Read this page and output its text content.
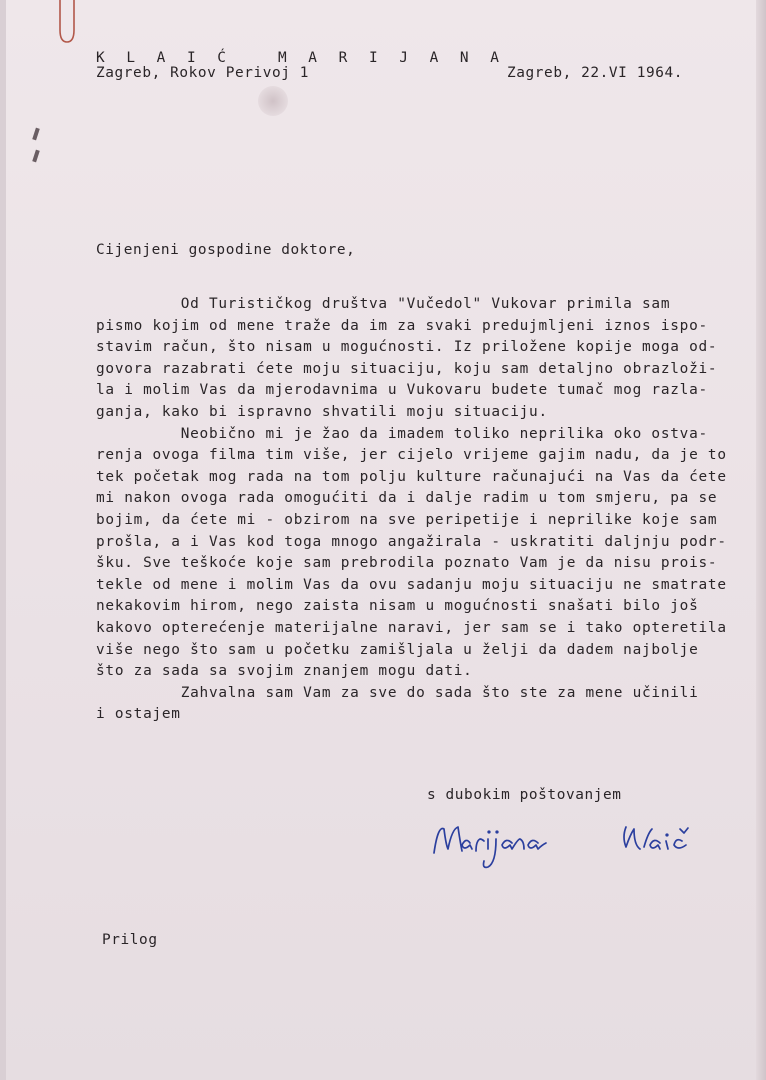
K L A I Ć   M A R I J A N A
Zagreb, Rokov Perivoj 1	Zagreb, 22.VI 1964.
Cijenjeni gospodine doktore,
Od Turističkog društva "Vučedol" Vukovar primila sam
pismo kojim od mene traže da im za svaki predujmljeni iznos ispo-
stavim račun, što nisam u mogućnosti. Iz priložene kopije moga od-
govora razabrati ćete moju situaciju, koju sam detaljno obrazloži-
la i molim Vas da mjerodavnima u Vukovaru budete tumač mog razla-
ganja, kako bi ispravno shvatili moju situaciju.
Neobično mi je žao da imadem toliko neprilika oko ostva-
renja ovoga filma tim više, jer cijelo vrijeme gajim nadu, da je to
tek početak mog rada na tom polju kulture računajući na Vas da ćete
mi nakon ovoga rada omogućiti da i dalje radim u tom smjeru, pa se
bojim, da ćete mi - obzirom na sve peripetije i neprilike koje sam
prošla, a i Vas kod toga mnogo angažirala - uskratiti daljnju podr-
šku. Sve teškoće koje sam prebrodila poznato Vam je da nisu prois-
tekle od mene i molim Vas da ovu sadanju moju situaciju ne smatrate
nekakovim hirom, nego zaista nisam u mogućnosti snašati bilo još
kakovo opterećenje materijalne naravi, jer sam se i tako opteretila
više nego što sam u početku zamišljala u želji da dadem najbolje
što za sada sa svojim znanjem mogu dati.
Zahvalna sam Vam za sve do sada što ste za mene učinili
i ostajem
s dubokim poštovanjem
Prilog
